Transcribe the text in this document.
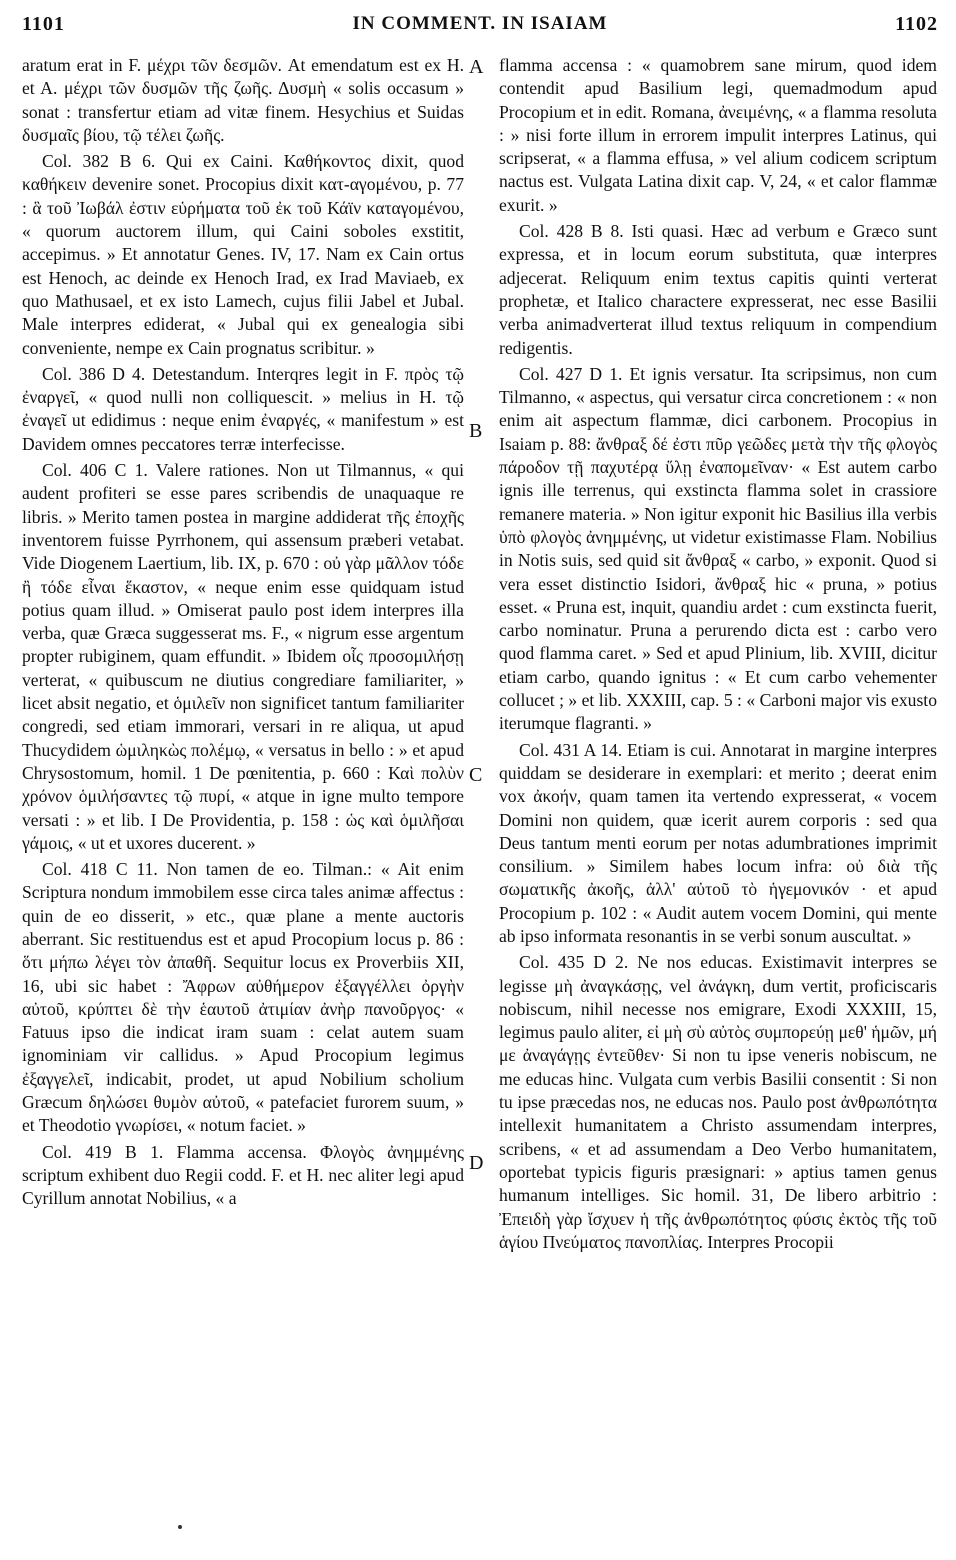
1101	IN COMMENT. IN ISAIAM	1102

aratum erat in F. μέχρι τῶν δεσμῶν. At emendatum est ex H. et A. μέχρι τῶν δυσμῶν τῆς ζωῆς. Δυσμὴ « solis occasum » sonat : transfertur etiam ad vitæ finem. Hesychius et Suidas δυσμαῖς βίου, τῷ τέλει ζωῆς.

Col. 382 B 6. Qui ex Caini. Καθήκοντος dixit, quod καθήκειν devenire sonet. Procopius dixit κατ-αγομένου, p. 77 : ἃ τοῦ Ἰωβάλ ἐστιν εὑρήματα τοῦ ἐκ τοῦ Κάϊν καταγομένου, « quorum auctorem illum, qui Caini soboles exstitit, accepimus. » Et annotatur Genes. IV, 17. Nam ex Cain ortus est Henoch, ac deinde ex Henoch Irad, ex Irad Maviaeb, ex quo Mathusael, et ex isto Lamech, cujus filii Jabel et Jubal. Male interpres ediderat, « Jubal qui ex genealogia sibi conveniente, nempe ex Cain prognatus scribitur. »

Col. 386 D 4. Detestandum. Interqres legit in F. πρὸς τῷ ἐναργεῖ, « quod nulli non colliquescit. » melius in H. τῷ ἐναγεῖ ut edidimus : neque enim ἐναργές, « manifestum » est Davidem omnes peccatores terræ interfecisse.

Col. 406 C 1. Valere rationes. Non ut Tilmannus, « qui audent profiteri se esse pares scribendis de unaquaque re libris. » Merito tamen postea in margine addiderat τῆς ἐποχῆς inventorem fuisse Pyrrhonem, qui assensum præberi vetabat. Vide Diogenem Laertium, lib. IX, p. 670 : οὐ γὰρ μᾶλλον τόδε ἢ τόδε εἶναι ἕκαστον, « neque enim esse quidquam istud potius quam illud. » Omiserat paulo post idem interpres illa verba, quæ Græca suggesserat ms. F., « nigrum esse argentum propter rubiginem, quam effundit. » Ibidem οἷς προσομιλήσῃ verterat, « quibuscum ne diutius congrediare familiariter, » licet absit negatio, et ὁμιλεῖν non significet tantum familiariter congredi, sed etiam immorari, versari in re aliqua, ut apud Thucydidem ὡμιληκὼς πολέμῳ, « versatus in bello : » et apud Chrysostomum, homil. 1 De pœnitentia, p. 660 : Καὶ πολὺν χρόνον ὁμιλήσαντες τῷ πυρί, « atque in igne multo tempore versati : » et lib. I De Providentia, p. 158 : ὡς καὶ ὁμιλῆσαι γάμοις, « ut et uxores ducerent. »

Col. 418 C 11. Non tamen de eo. Tilman.: « Ait enim Scriptura nondum immobilem esse circa tales animæ affectus : quin de eo disserit, » etc., quæ plane a mente auctoris aberrant. Sic restituendus est et apud Procopium locus p. 86 : ὅτι μήπω λέγει τὸν ἀπαθῆ. Sequitur locus ex Proverbiis XII, 16, ubi sic habet : Ἄφρων αὐθήμερον ἐξαγγέλλει ὀργὴν αὐτοῦ, κρύπτει δὲ τὴν ἑαυτοῦ ἀτιμίαν ἀνὴρ πανοῦργος· « Fatuus ipso die indicat iram suam : celat autem suam ignominiam vir callidus. » Apud Procopium legimus ἐξαγγελεῖ, indicabit, prodet, ut apud Nobilium scholium Græcum δηλώσει θυμὸν αὐτοῦ, « patefaciet furorem suum, » et Theodotio γνωρίσει, « notum faciet. »

Col. 419 B 1. Flamma accensa. Φλογὸς ἀνημμένης scriptum exhibent duo Regii codd. F. et H. nec aliter legi apud Cyrillum annotat Nobilius, « a

A
B
C
D

flamma accensa : « quamobrem sane mirum, quod idem contendit apud Basilium legi, quemadmodum apud Procopium et in edit. Romana, ἀνειμένης, « a flamma resoluta : » nisi forte illum in errorem impulit interpres Latinus, qui scripserat, « a flamma effusa, » vel alium codicem scriptum nactus est. Vulgata Latina dixit cap. V, 24, « et calor flammæ exurit. »

Col. 428 B 8. Isti quasi. Hæc ad verbum e Græco sunt expressa, et in locum eorum substituta, quæ interpres adjecerat. Reliquum enim textus capitis quinti verterat prophetæ, et Italico charactere expresserat, nec esse Basilii verba animadverterat illud textus reliquum in compendium redigentis.

Col. 427 D 1. Et ignis versatur. Ita scripsimus, non cum Tilmanno, « aspectus, qui versatur circa concretionem : « non enim ait aspectum flammæ, dici carbonem. Procopius in Isaiam p. 88: ἄνθραξ δέ ἐστι πῦρ γεῶδες μετὰ τὴν τῆς φλογὸς πάροδον τῇ παχυτέρᾳ ὕλῃ ἐναπομεῖναν· « Est autem carbo ignis ille terrenus, qui exstincta flamma solet in crassiore remanere materia. » Non igitur exponit hic Basilius illa verbis ὑπὸ φλογὸς ἀνημμένης, ut videtur existimasse Flam. Nobilius in Notis suis, sed quid sit ἄνθραξ « carbo, » exponit. Quod si vera esset distinctio Isidori, ἄνθραξ hic « pruna, » potius esset. « Pruna est, inquit, quandiu ardet : cum exstincta fuerit, carbo nominatur. Pruna a perurendo dicta est : carbo vero quod flamma caret. » Sed et apud Plinium, lib. XVIII, dicitur etiam carbo, quando ignitus : « Et cum carbo vehementer collucet ; » et lib. XXXIII, cap. 5 : « Carboni major vis exusto iterumque flagranti. »

Col. 431 A 14. Etiam is cui. Annotarat in margine interpres quiddam se desiderare in exemplari: et merito ; deerat enim vox ἀκοήν, quam tamen ita vertendo expresserat, « vocem Domini non quidem, quæ icerit aurem corporis : sed qua Deus tantum menti eorum per notas adumbrationes imprimit consilium. » Similem habes locum infra: οὐ διὰ τῆς σωματικῆς ἀκοῆς, ἀλλ' αὐτοῦ τὸ ἡγεμονικόν · et apud Procopium p. 102 : « Audit autem vocem Domini, qui mente ab ipso informata resonantis in se verbi sonum auscultat. »

Col. 435 D 2. Ne nos educas. Existimavit interpres se legisse μὴ ἀναγκάσῃς, vel ἀνάγκη, dum vertit, proficiscaris nobiscum, nihil necesse nos emigrare, Exodi XXXIII, 15, legimus paulo aliter, εἰ μὴ σὺ αὐτὸς συμπορεύῃ μεθ' ἡμῶν, μή με ἀναγάγῃς ἐντεῦθεν· Si non tu ipse veneris nobiscum, ne me educas hinc. Vulgata cum verbis Basilii consentit : Si non tu ipse præcedas nos, ne educas nos. Paulo post ἀνθρωπότητα intellexit humanitatem a Christo assumendam interpres, scribens, « et ad assumendam a Deo Verbo humanitatem, oportebat typicis figuris præsignari: » aptius tamen genus humanum intelliges. Sic homil. 31, De libero arbitrio : Ἐπειδὴ γὰρ ἴσχυεν ἡ τῆς ἀνθρωπότητος φύσις ἐκτὸς τῆς τοῦ ἁγίου Πνεύματος πανοπλίας. Interpres Procopii
